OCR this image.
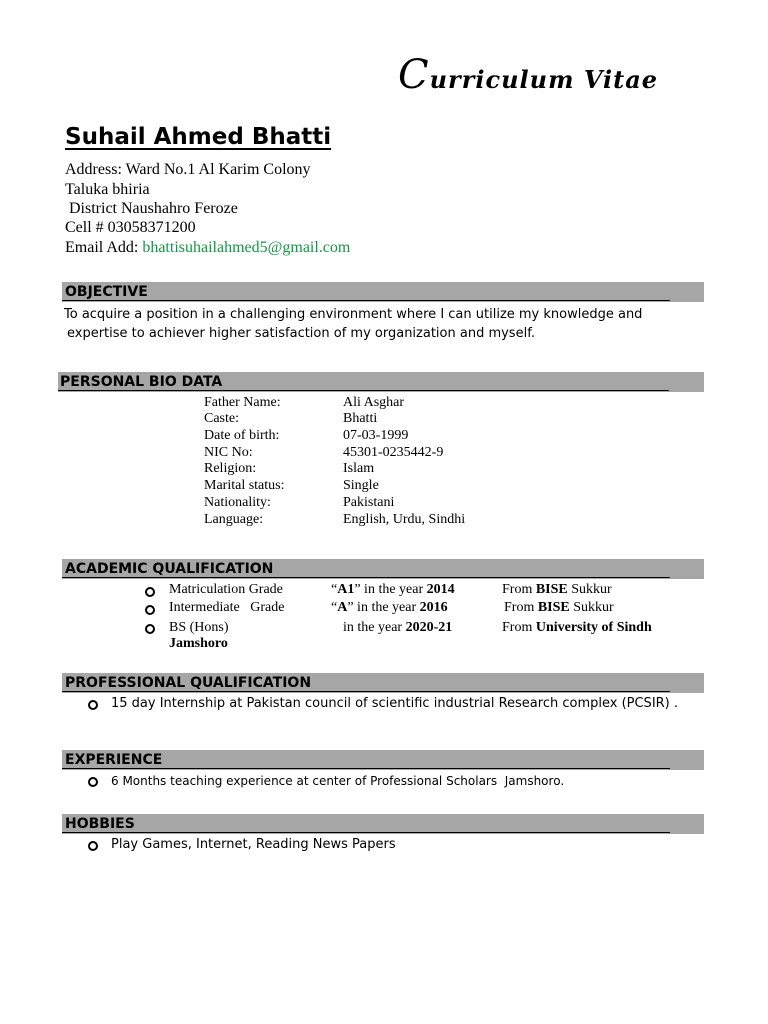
Curriculum Vitae
Suhail Ahmed Bhatti
Address: Ward No.1 Al Karim Colony
Taluka bhiria
District Naushahro Feroze
Cell # 03058371200
Email Add: bhattisuhailahmed5@gmail.com
OBJECTIVE
To acquire a position in a challenging environment where I can utilize my knowledge and
expertise to achiever higher satisfaction of my organization and myself.
PERSONAL BIO DATA
Father Name:	Ali Asghar
Caste:	Bhatti
Date of birth:	07-03-1999
NIC No:	45301-0235442-9
Religion:	Islam
Marital status:	Single
Nationality:	Pakistani
Language:	English, Urdu, Sindhi
ACADEMIC QUALIFICATION
Matriculation Grade	“A1” in the year 2014	From BISE Sukkur
Intermediate   Grade	“A” in the year 2016	From BISE Sukkur
BS (Hons)	in the year 2020-21	From University of Sindh
Jamshoro
PROFESSIONAL QUALIFICATION
15 day Internship at Pakistan council of scientific industrial Research complex (PCSIR) .
EXPERIENCE
6 Months teaching experience at center of Professional Scholars  Jamshoro.
HOBBIES
Play Games, Internet, Reading News Papers
